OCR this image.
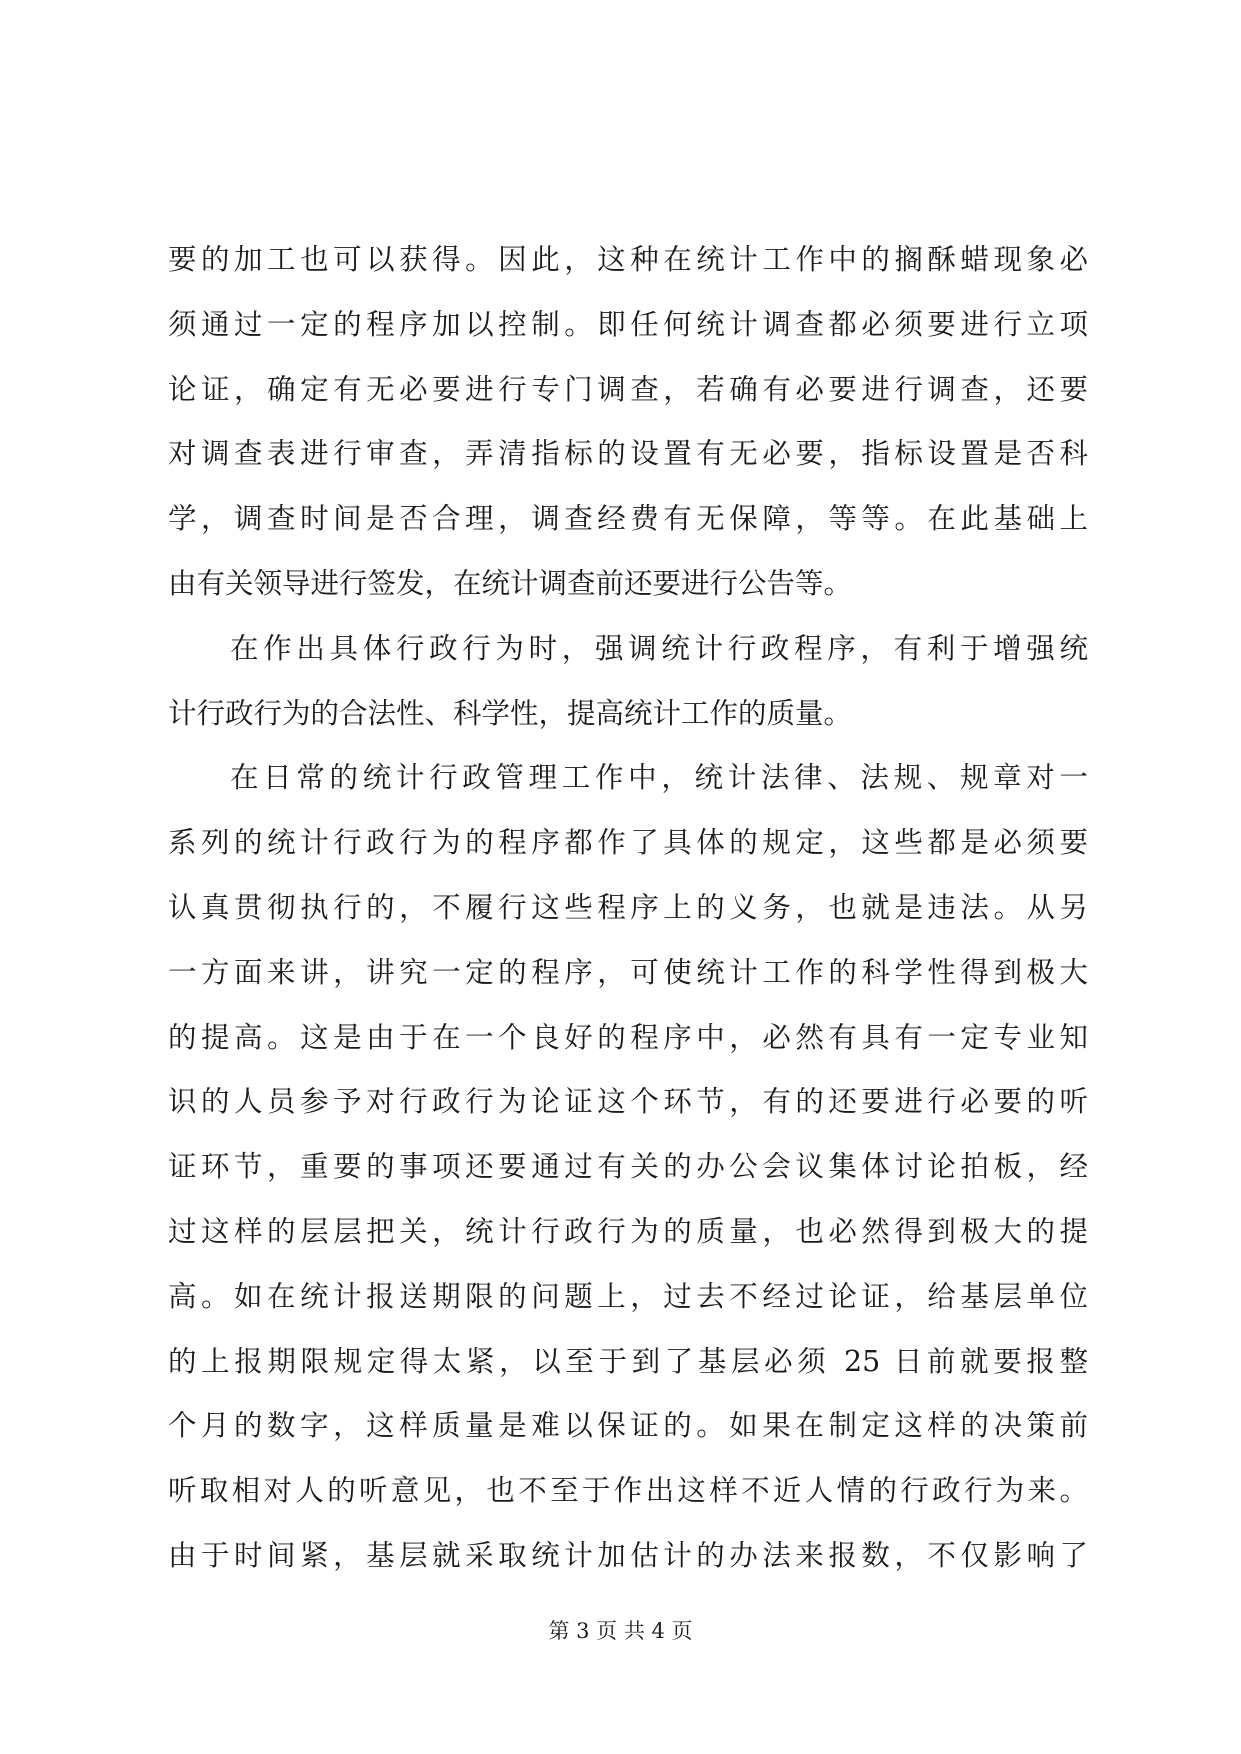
要的加工也可以获得。因此，这种在统计工作中的搁酥蜡现象必
须通过一定的程序加以控制。即任何统计调查都必须要进行立项
论证，确定有无必要进行专门调查，若确有必要进行调查，还要
对调查表进行审查，弄清指标的设置有无必要，指标设置是否科
学，调查时间是否合理，调查经费有无保障，等等。在此基础上
由有关领导进行签发，在统计调查前还要进行公告等。
在作出具体行政行为时，强调统计行政程序，有利于增强统
计行政行为的合法性、科学性，提高统计工作的质量。
在日常的统计行政管理工作中，统计法律、法规、规章对一
系列的统计行政行为的程序都作了具体的规定，这些都是必须要
认真贯彻执行的，不履行这些程序上的义务，也就是违法。从另
一方面来讲，讲究一定的程序，可使统计工作的科学性得到极大
的提高。这是由于在一个良好的程序中，必然有具有一定专业知
识的人员参予对行政行为论证这个环节，有的还要进行必要的听
证环节，重要的事项还要通过有关的办公会议集体讨论拍板，经
过这样的层层把关，统计行政行为的质量，也必然得到极大的提
高。如在统计报送期限的问题上，过去不经过论证，给基层单位
的上报期限规定得太紧，以至于到了基层必须 25 日前就要报整
个月的数字，这样质量是难以保证的。如果在制定这样的决策前
听取相对人的听意见，也不至于作出这样不近人情的行政行为来。
由于时间紧，基层就采取统计加估计的办法来报数，不仅影响了
第 3 页 共 4 页
